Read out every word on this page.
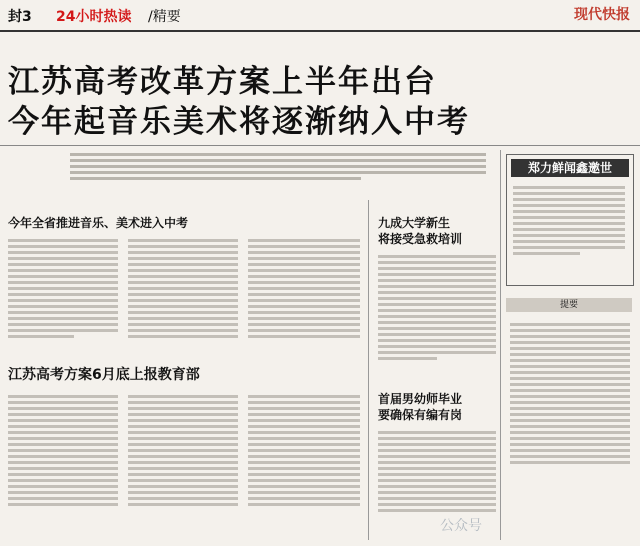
封3 24小时热读 /精要	现代快报
江苏高考改革方案上半年出台
今年起音乐美术将逐渐纳入中考
今年全省推进音乐、美术进入中考
江苏高考方案6月底上报教育部
九成大学新生
将接受急救培训
首届男幼师毕业
要确保有编有岗
郑力鲜闻鑫邀世
提要
公众号
